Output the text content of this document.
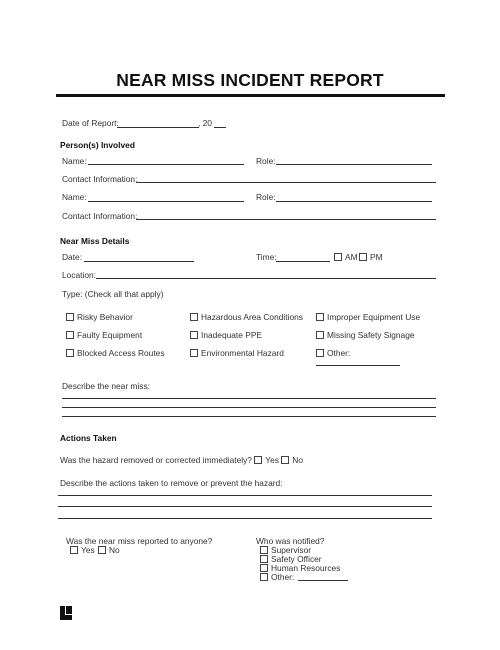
NEAR MISS INCIDENT REPORT
Date of Report:	, 20
Person(s) Involved
Name:	Role:
Contact Information:
Name:	Role:
Contact Information:
Near Miss Details
Date:	Time:	AM	PM
Location:
Type: (Check all that apply)
Risky Behavior	Hazardous Area Conditions	Improper Equipment Use
Faulty Equipment	Inadequate PPE	Missing Safety Signage
Blocked Access Routes	Environmental Hazard	Other:
Describe the near miss:
Actions Taken
Was the hazard removed or corrected immediately? Yes No
Describe the actions taken to remove or prevent the hazard:
Was the near miss reported to anyone?
Yes	No
Who was notified?
Supervisor
Safety Officer
Human Resources
Other:
